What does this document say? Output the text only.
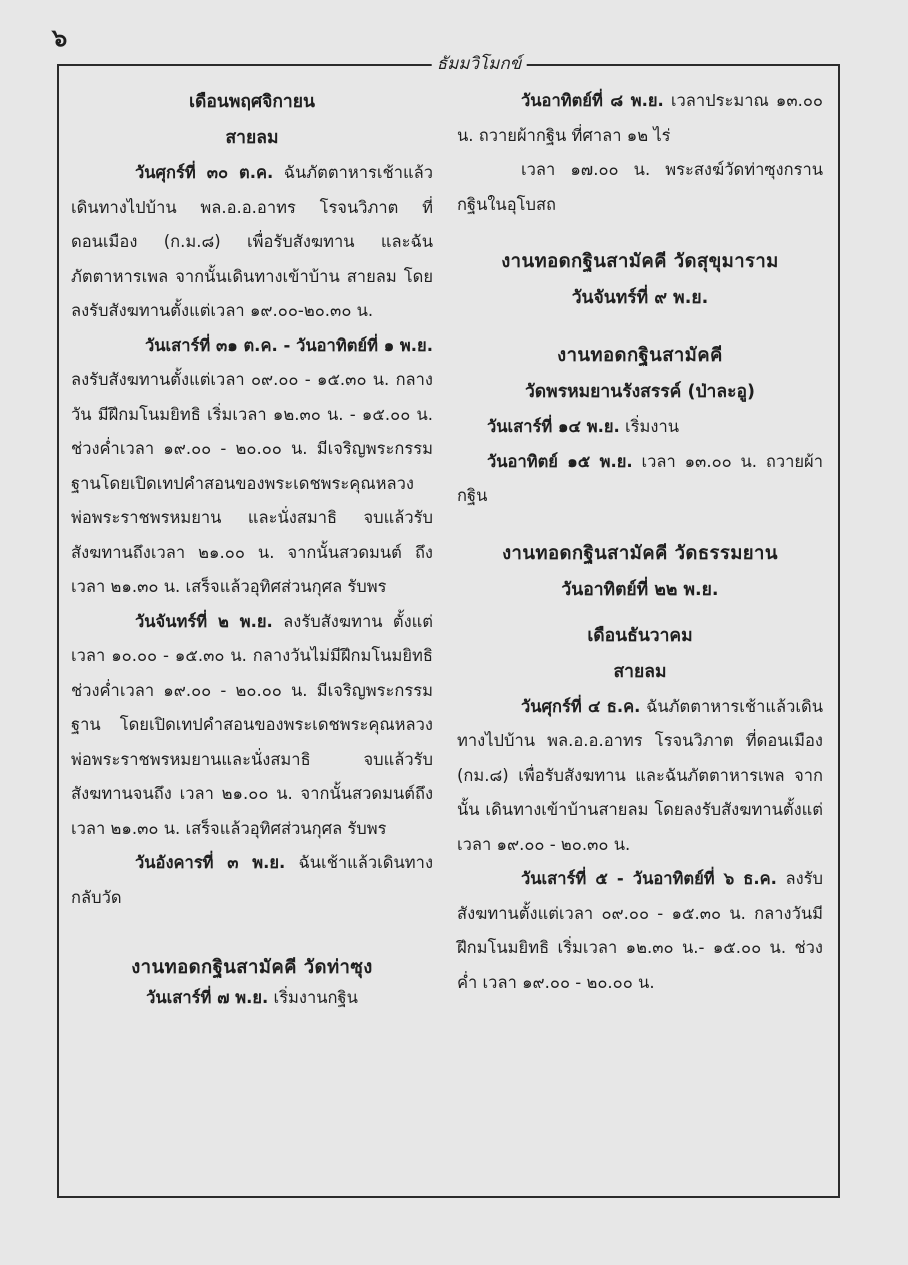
๖
ธัมมวิโมกข์

เดือนพฤศจิกายน

สายลม

วันศุกร์ที่ ๓๐ ต.ค. ฉันภัตตาหารเช้าแล้ว เดินทางไปบ้าน พล.อ.อ.อาทร โรจนวิภาต ที่ดอนเมือง (ก.ม.๘) เพื่อรับสังฆทาน และฉันภัตตาหารเพล จากนั้นเดินทางเข้าบ้าน สายลม โดยลงรับสังฆทานตั้งแต่เวลา ๑๙.๐๐-๒๐.๓๐ น.

วันเสาร์ที่ ๓๑ ต.ค. - วันอาทิตย์ที่ ๑ พ.ย.

ลงรับสังฆทานตั้งแต่เวลา ๐๙.๐๐ - ๑๕.๓๐ น. กลางวัน มีฝึกมโนมยิทธิ เริ่มเวลา ๑๒.๓๐ น. - ๑๕.๐๐ น. ช่วงค่ำเวลา ๑๙.๐๐ - ๒๐.๐๐ น. มีเจริญพระกรรมฐานโดยเปิดเทปคำสอนของพระเดชพระคุณหลวงพ่อพระราชพรหมยาน และนั่งสมาธิ จบแล้วรับสังฆทานถึงเวลา ๒๑.๐๐ น. จากนั้นสวดมนต์ ถึงเวลา ๒๑.๓๐ น. เสร็จแล้วอุทิศส่วนกุศล รับพร

วันจันทร์ที่ ๒ พ.ย. ลงรับสังฆทาน ตั้งแต่เวลา ๑๐.๐๐ - ๑๕.๓๐ น. กลางวันไม่มีฝึกมโนมยิทธิ ช่วงค่ำเวลา ๑๙.๐๐ - ๒๐.๐๐ น. มีเจริญพระกรรมฐาน โดยเปิดเทปคำสอนของพระเดชพระคุณหลวงพ่อพระราชพรหมยานและนั่งสมาธิ จบแล้วรับสังฆทานจนถึง เวลา ๒๑.๐๐ น. จากนั้นสวดมนต์ถึงเวลา ๒๑.๓๐ น. เสร็จแล้วอุทิศส่วนกุศล รับพร

วันอังคารที่ ๓ พ.ย. ฉันเช้าแล้วเดินทางกลับวัด

งานทอดกฐินสามัคคี วัดท่าซุง

วันเสาร์ที่ ๗ พ.ย. เริ่มงานกฐิน

วันอาทิตย์ที่ ๘ พ.ย. เวลาประมาณ ๑๓.๐๐ น. ถวายผ้ากฐิน ที่ศาลา ๑๒ ไร่

เวลา ๑๗.๐๐ น. พระสงฆ์วัดท่าซุงกรานกฐินในอุโบสถ

งานทอดกฐินสามัคคี วัดสุขุมาราม

วันจันทร์ที่ ๙ พ.ย.

งานทอดกฐินสามัคคี

วัดพรหมยานรังสรรค์ (ป่าละอู)

วันเสาร์ที่ ๑๔ พ.ย. เริ่มงาน

วันอาทิตย์ ๑๕ พ.ย. เวลา ๑๓.๐๐ น. ถวายผ้ากฐิน

งานทอดกฐินสามัคคี วัดธรรมยาน

วันอาทิตย์ที่ ๒๒ พ.ย.

เดือนธันวาคม

สายลม

วันศุกร์ที่ ๔ ธ.ค. ฉันภัตตาหารเช้าแล้วเดินทางไปบ้าน พล.อ.อ.อาทร โรจนวิภาต ที่ดอนเมือง (กม.๘) เพื่อรับสังฆทาน และฉันภัตตาหารเพล จากนั้น เดินทางเข้าบ้านสายลม โดยลงรับสังฆทานตั้งแต่เวลา ๑๙.๐๐ - ๒๐.๓๐ น.

วันเสาร์ที่ ๕ - วันอาทิตย์ที่ ๖ ธ.ค. ลงรับสังฆทานตั้งแต่เวลา ๐๙.๐๐ - ๑๕.๓๐ น. กลางวันมีฝึกมโนมยิทธิ เริ่มเวลา ๑๒.๓๐ น.- ๑๕.๐๐ น. ช่วงค่ำ เวลา ๑๙.๐๐ - ๒๐.๐๐ น.
